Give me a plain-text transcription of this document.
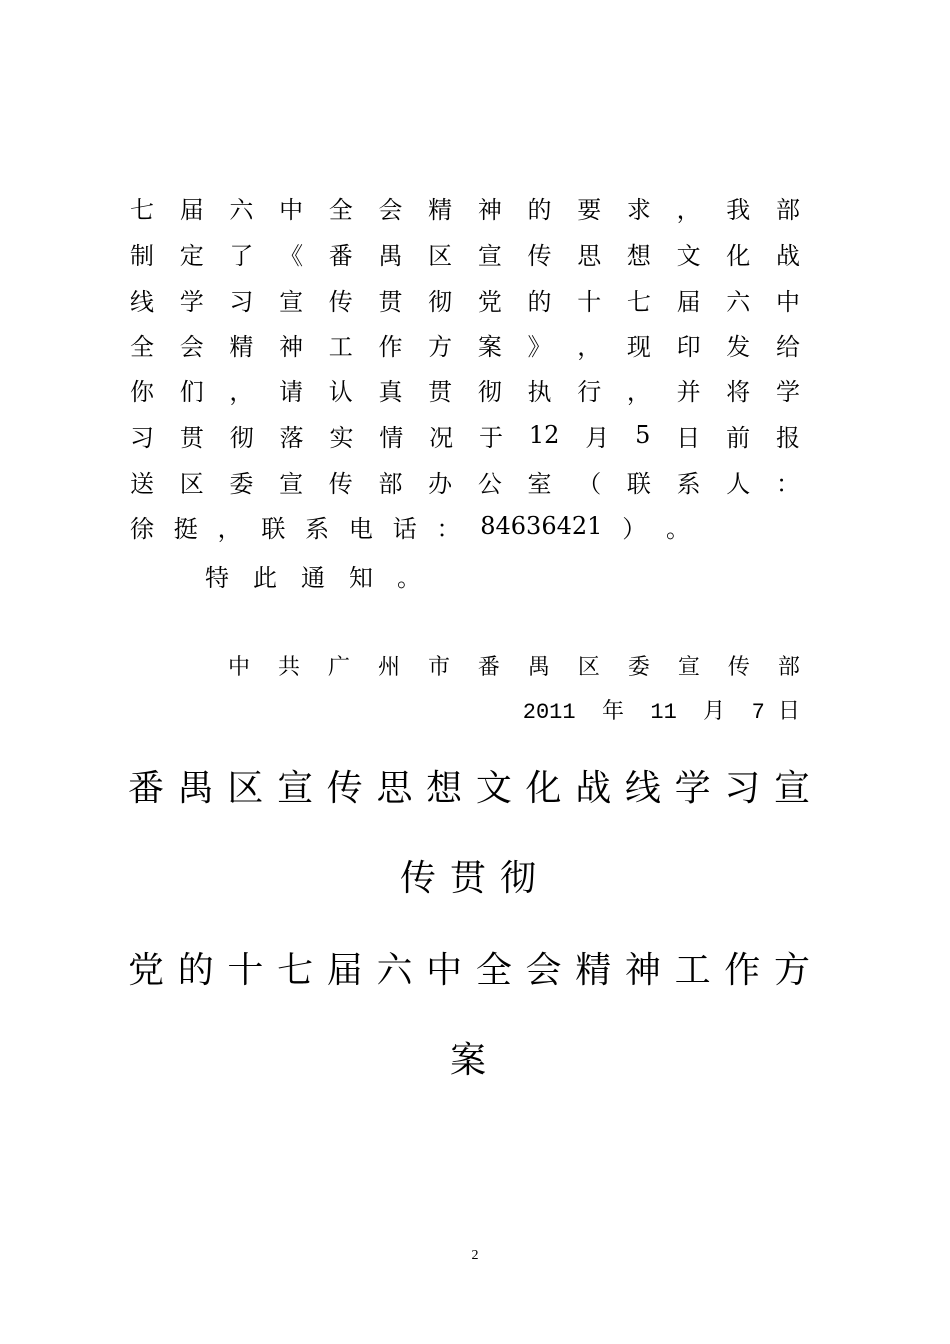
七 届 六 中 全 会 精 神 的 要 求 ， 我 部
制 定 了 《 番 禺 区 宣 传 思 想 文 化 战
线 学 习 宣 传 贯 彻 党 的 十 七 届 六 中
全 会 精 神 工 作 方 案 》 ， 现 印 发 给
你 们 ， 请 认 真 贯 彻 执 行 ， 并 将 学
习 贯 彻 落 实 情 况 于 12 月 5 日 前 报
送 区 委 宣 传 部 办 公 室 （ 联 系 人 ：
徐 挺 ， 联 系 电 话 ： 84636421 ） 。
特此通知。
中 共 广 州 市 番 禺 区 委 宣 传 部
2011  年  11  月  7 日
番 禺 区 宣 传 思 想 文 化 战 线 学 习 宣
传贯彻
党 的 十 七 届 六 中 全 会 精 神 工 作 方
案
2
